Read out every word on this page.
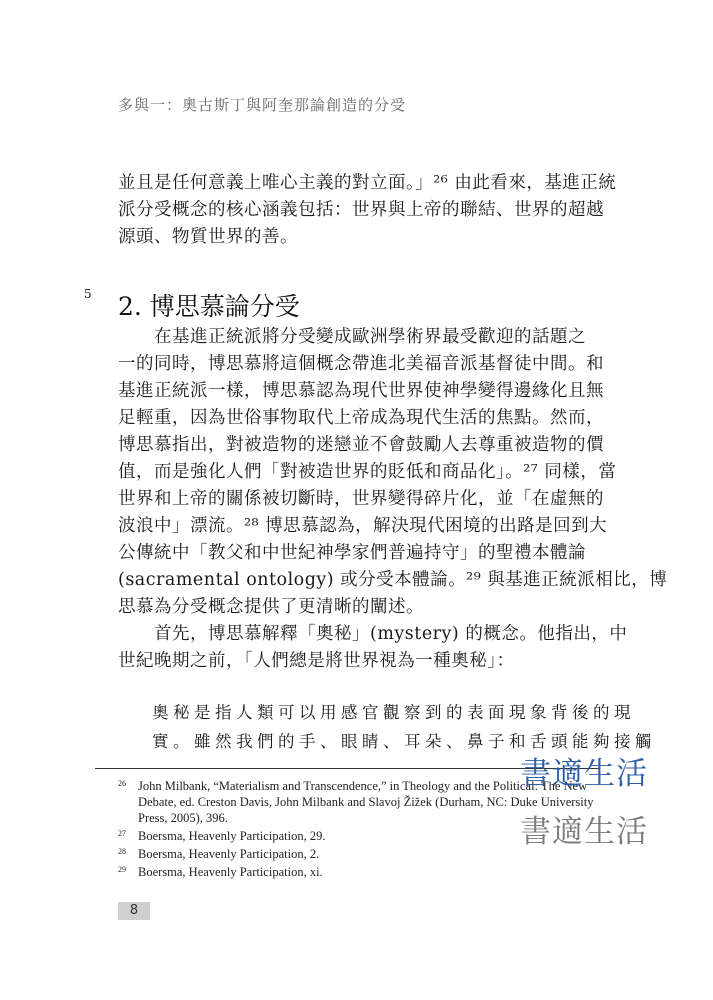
多與一：奧古斯丁與阿奎那論創造的分受
並且是任何意義上唯心主義的對立面。」²⁶ 由此看來，基進正統
派分受概念的核心涵義包括：世界與上帝的聯結、世界的超越
源頭、物質世界的善。
5 2. 博思慕論分受
　　在基進正統派將分受變成歐洲學術界最受歡迎的話題之
一的同時，博思慕將這個概念帶進北美福音派基督徒中間。和
基進正統派一樣，博思慕認為現代世界使神學變得邊緣化且無
足輕重，因為世俗事物取代上帝成為現代生活的焦點。然而，
博思慕指出，對被造物的迷戀並不會鼓勵人去尊重被造物的價
值，而是強化人們「對被造世界的貶低和商品化」。²⁷ 同樣，當
世界和上帝的關係被切斷時，世界變得碎片化，並「在虛無的
波浪中」漂流。²⁸ 博思慕認為，解決現代困境的出路是回到大
公傳統中「教父和中世紀神學家們普遍持守」的聖禮本體論
(sacramental ontology) 或分受本體論。²⁹ 與基進正統派相比，博
思慕為分受概念提供了更清晰的闡述。
　　首先，博思慕解釋「奧秘」(mystery) 的概念。他指出，中
世紀晚期之前，「人們總是將世界視為一種奧秘」：
奧秘是指人類可以用感官觀察到的表面現象背後的現
實。雖然我們的手、眼睛、耳朵、鼻子和舌頭能夠接觸
26 John Milbank, “Materialism and Transcendence,” in Theology and the Political: The New Debate, ed. Creston Davis, John Milbank and Slavoj Žižek (Durham, NC: Duke University Press, 2005), 396.
27 Boersma, Heavenly Participation, 29.
28 Boersma, Heavenly Participation, 2.
29 Boersma, Heavenly Participation, xi.
書適生活
書適生活
8
